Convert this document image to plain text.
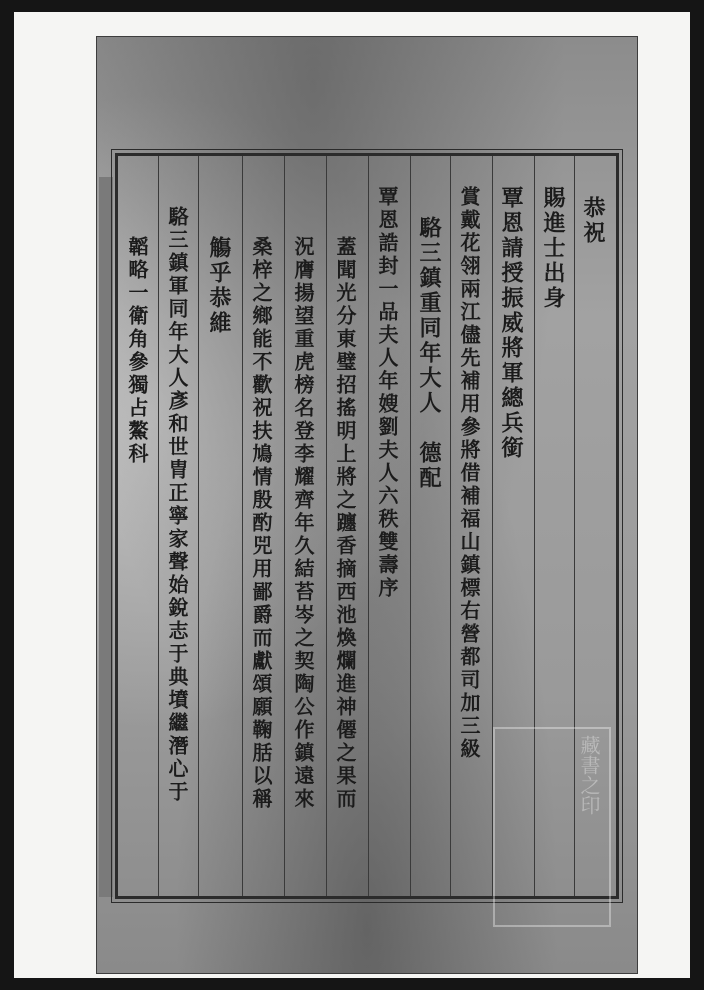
恭祝
賜進士出身
覃恩請授振威將軍總兵銜
賞戴花翎兩江儘先補用參將借補福山鎮標右營都司加三級
駱三鎮重同年大人　德配
覃恩誥封一品夫人年嫂劉夫人六秩雙壽序
蓋聞光分東璧招搖明上將之躔香摘西池煥爛進神僊之果而
況膺揚望重虎榜名登李耀齊年久結苔岑之契陶公作鎮遠來
桑梓之鄉能不歡祝扶鳩情殷酌兕用鄙爵而獻頌願鞠䏦以稱
觴乎恭維
駱三鎮軍同年大人彥和世胄正寧家聲始銳志于典墳繼潛心于
韜略一衛角參獨占鰲科
藏書之印
